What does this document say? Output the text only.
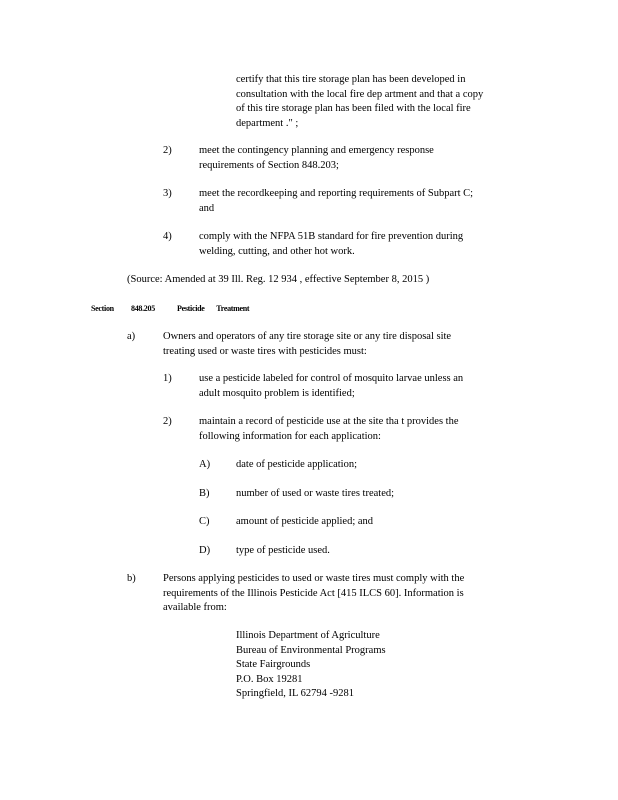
certify that this tire storage plan has been developed in
consultation with the local fire dep artment and that a copy
of this tire storage plan has been filed with the local fire
department ." ;
2)	meet the contingency planning and emergency response
requirements of Section 848.203;
3)	meet the recordkeeping and reporting requirements of Subpart C;
and
4)	comply with the NFPA 51B standard for fire prevention during
welding, cutting, and other hot work.
(Source: Amended at 39 Ill. Reg. 12 934 , effective September 8, 2015 )
Section 848.205	Pesticide       Treatment
a)	Owners and operators of any tire storage site or any tire disposal site
treating used or waste tires with pesticides must:
1)	use a pesticide labeled for control of mosquito larvae unless an
adult mosquito problem is identified;
2)	maintain a record of pesticide use at the site tha t provides the
following information for each application:
A) date of pesticide application;
B)	number of used or waste tires treated;
C)	amount of pesticide applied; and
D) type of pesticide used.
b)	Persons applying pesticides to used or waste tires must comply with the
requirements of the Illinois Pesticide Act [415 ILCS 60]. Information is
available from:
Illinois Department of Agriculture
Bureau of Environmental Programs
State Fairgrounds
P.O. Box 19281
Springfield, IL 62794 -9281
